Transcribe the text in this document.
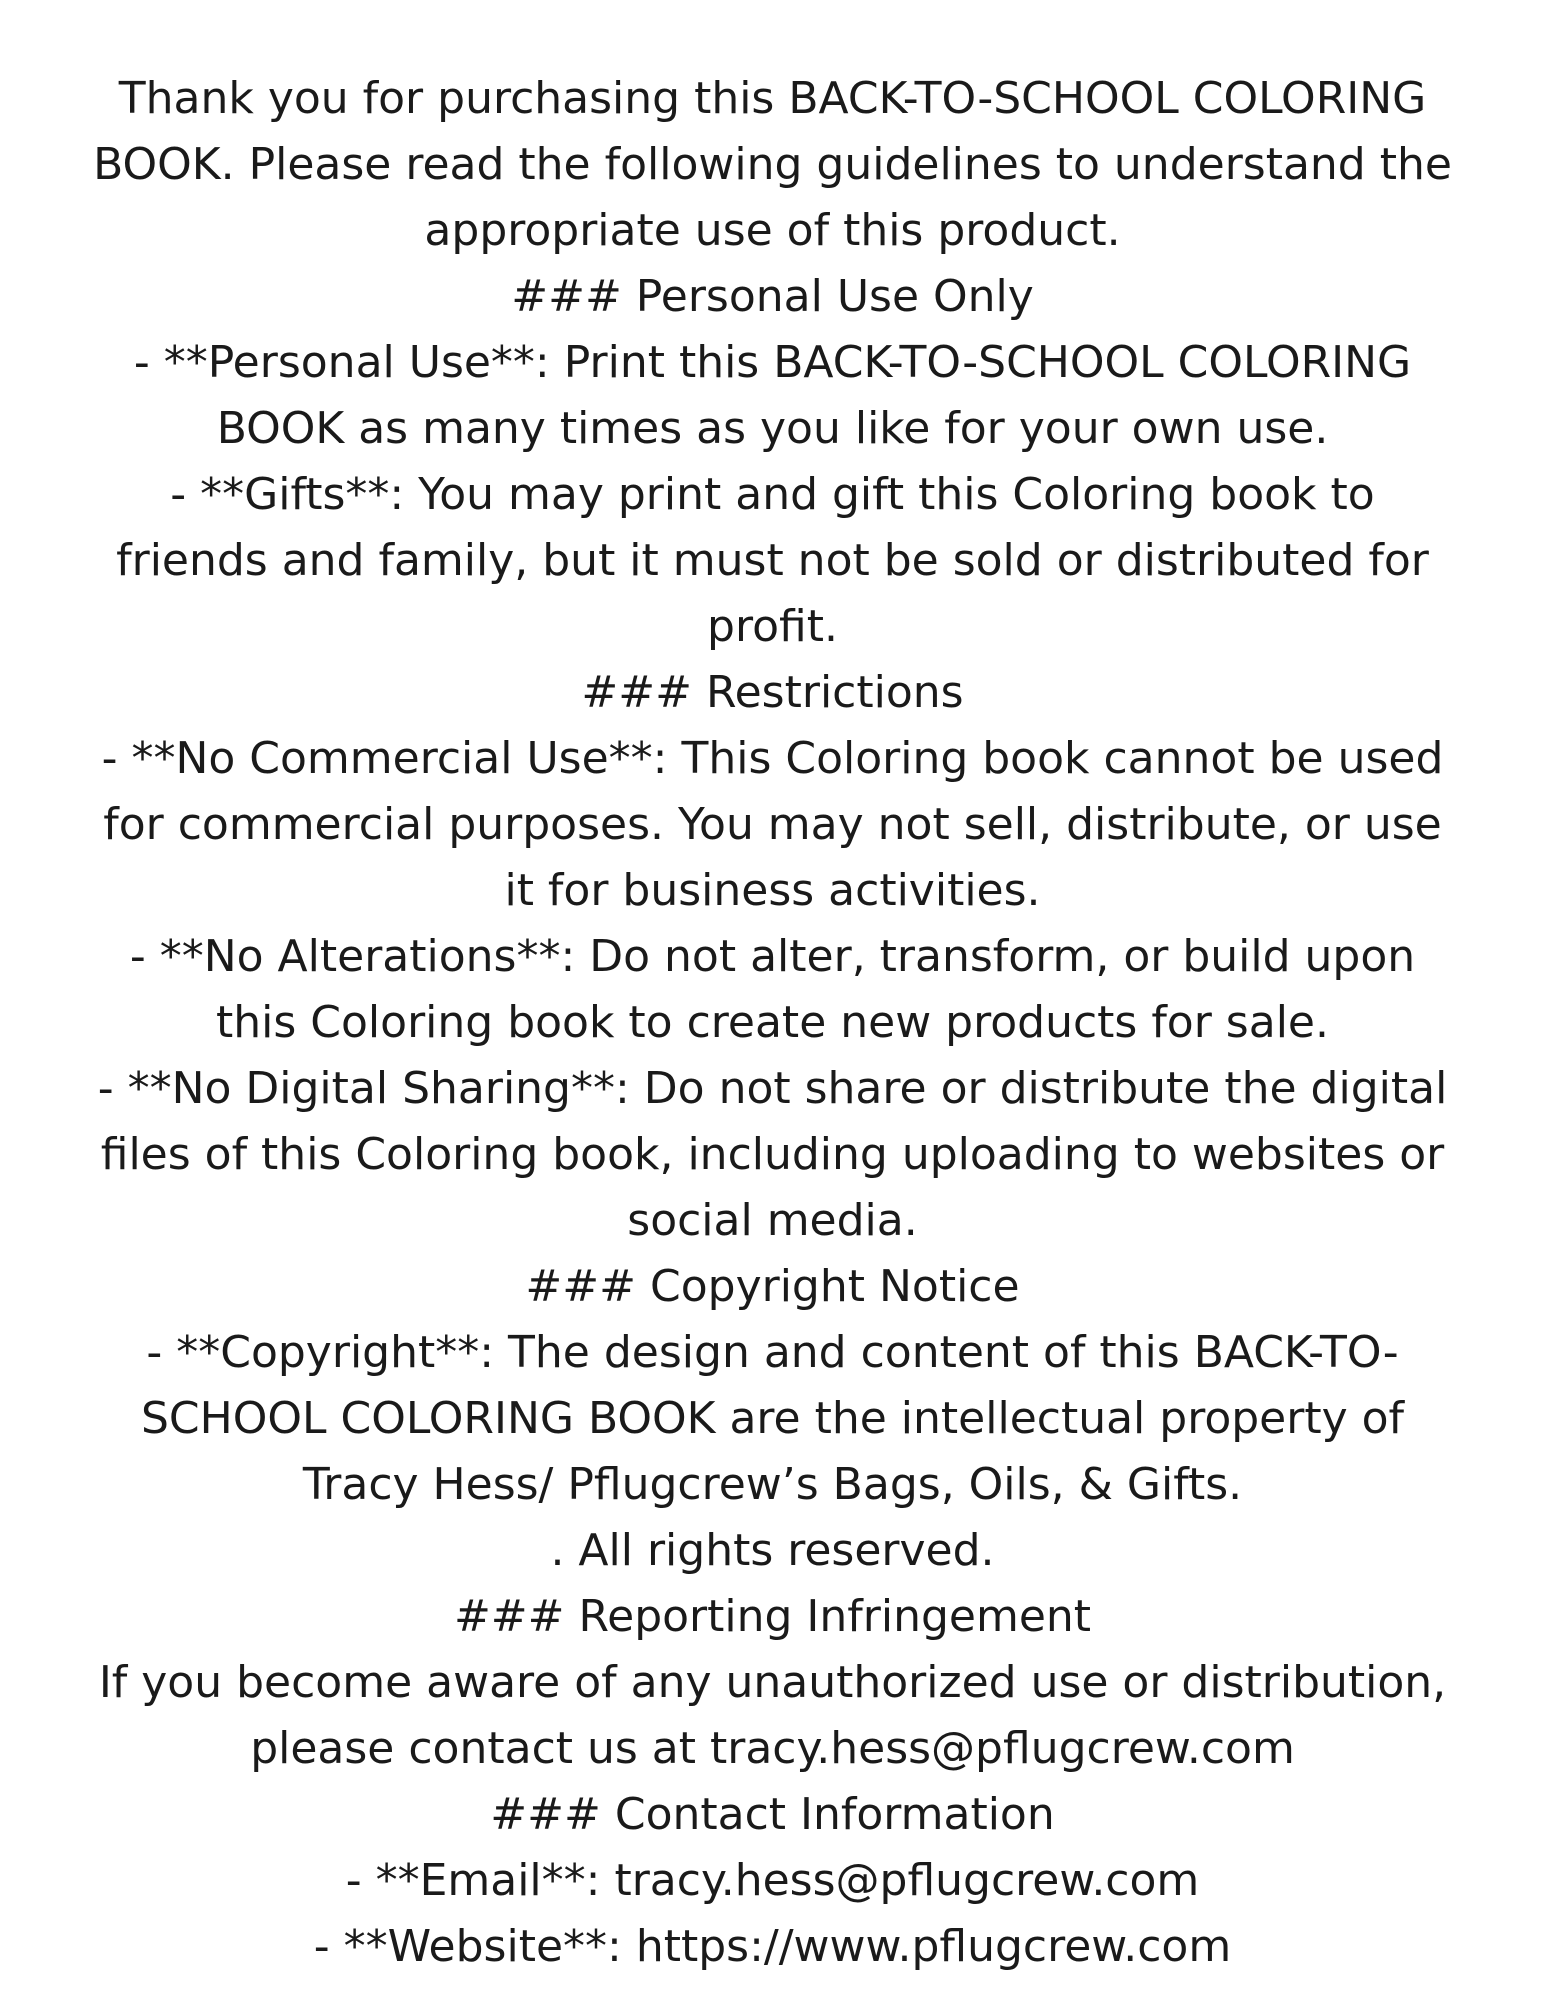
Thank you for purchasing this BACK-TO-SCHOOL COLORING
BOOK. Please read the following guidelines to understand the
appropriate use of this product.
### Personal Use Only
- **Personal Use**: Print this BACK-TO-SCHOOL COLORING
BOOK as many times as you like for your own use.
- **Gifts**: You may print and gift this Coloring book to
friends and family, but it must not be sold or distributed for
profit.
### Restrictions
- **No Commercial Use**: This Coloring book cannot be used
for commercial purposes. You may not sell, distribute, or use
it for business activities.
- **No Alterations**: Do not alter, transform, or build upon
this Coloring book to create new products for sale.
- **No Digital Sharing**: Do not share or distribute the digital
files of this Coloring book, including uploading to websites or
social media.
### Copyright Notice
- **Copyright**: The design and content of this BACK-TO-
SCHOOL COLORING BOOK are the intellectual property of
Tracy Hess/ Pflugcrew’s Bags, Oils, & Gifts.
. All rights reserved.
### Reporting Infringement
If you become aware of any unauthorized use or distribution,
please contact us at tracy.hess@pflugcrew.com
### Contact Information
- **Email**: tracy.hess@pflugcrew.com
- **Website**: https://www.pflugcrew.com
